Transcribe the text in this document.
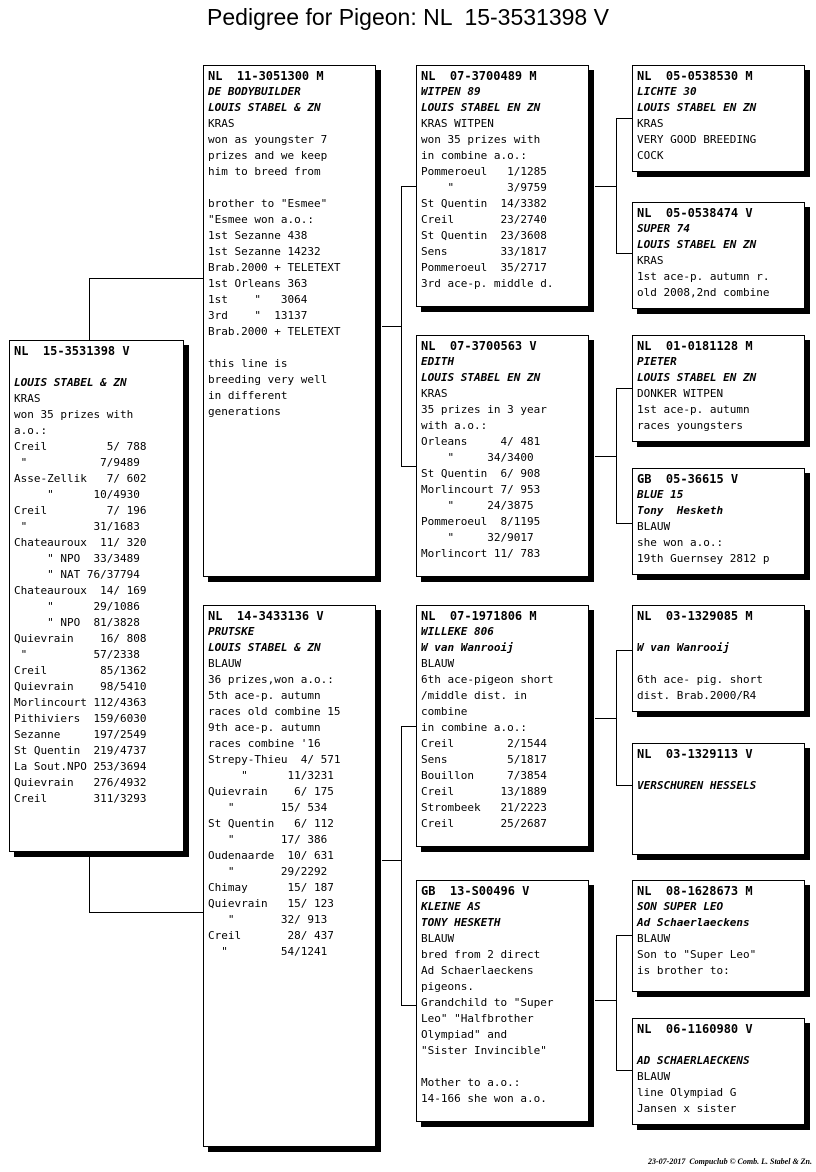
Pedigree for Pigeon: NL  15-3531398 V
NL  15-3531398 V
LOUIS STABEL & ZN
KRAS
won 35 prizes with
a.o.:
Creil         5/ 788
"           7/9489
Asse-Zellik   7/ 602
"      10/4930
Creil         7/ 196
"          31/1683
Chateauroux  11/ 320
" NPO  33/3489
" NAT 76/37794
Chateauroux  14/ 169
"      29/1086
" NPO  81/3828
Quievrain    16/ 808
"          57/2338
Creil        85/1362
Quievrain    98/5410
Morlincourt 112/4363
Pithiviers  159/6030
Sezanne     197/2549
St Quentin  219/4737
La Sout.NPO 253/3694
Quievrain   276/4932
Creil       311/3293
NL  11-3051300 M
DE BODYBUILDER
LOUIS STABEL & ZN
KRAS
won as youngster 7
prizes and we keep
him to breed from
brother to "Esmee"
"Esmee won a.o.:
1st Sezanne 438
1st Sezanne 14232
Brab.2000 + TELETEXT
1st Orleans 363
1st    "   3064
3rd    "  13137
Brab.2000 + TELETEXT
this line is
breeding very well
in different
generations
NL  14-3433136 V
PRUTSKE
LOUIS STABEL & ZN
BLAUW
36 prizes,won a.o.:
5th ace-p. autumn
races old combine 15
9th ace-p. autumn
races combine '16
Strepy-Thieu  4/ 571
"      11/3231
Quievrain    6/ 175
"       15/ 534
St Quentin   6/ 112
"       17/ 386
Oudenaarde  10/ 631
"       29/2292
Chimay      15/ 187
Quievrain   15/ 123
"       32/ 913
Creil       28/ 437
"        54/1241
NL  07-3700489 M
WITPEN 89
LOUIS STABEL EN ZN
KRAS WITPEN
won 35 prizes with
in combine a.o.:
Pommeroeul   1/1285
"        3/9759
St Quentin  14/3382
Creil       23/2740
St Quentin  23/3608
Sens        33/1817
Pommeroeul  35/2717
3rd ace-p. middle d.
NL  07-3700563 V
EDITH
LOUIS STABEL EN ZN
KRAS
35 prizes in 3 year
with a.o.:
Orleans     4/ 481
"     34/3400
St Quentin  6/ 908
Morlincourt 7/ 953
"     24/3875
Pommeroeul  8/1195
"     32/9017
Morlincort 11/ 783
NL  07-1971806 M
WILLEKE 806
W van Wanrooij
BLAUW
6th ace-pigeon short
/middle dist. in
combine
in combine a.o.:
Creil        2/1544
Sens         5/1817
Bouillon     7/3854
Creil       13/1889
Strombeek   21/2223
Creil       25/2687
GB  13-S00496 V
KLEINE AS
TONY HESKETH
BLAUW
bred from 2 direct
Ad Schaerlaeckens
pigeons.
Grandchild to "Super
Leo" "Halfbrother
Olympiad" and
"Sister Invincible"
Mother to a.o.:
14-166 she won a.o.
NL  05-0538530 M
LICHTE 30
LOUIS STABEL EN ZN
KRAS
VERY GOOD BREEDING
COCK
NL  05-0538474 V
SUPER 74
LOUIS STABEL EN ZN
KRAS
1st ace-p. autumn r.
old 2008,2nd combine
NL  01-0181128 M
PIETER
LOUIS STABEL EN ZN
DONKER WITPEN
1st ace-p. autumn
races youngsters
GB  05-36615 V
BLUE 15
Tony  Hesketh
BLAUW
she won a.o.:
19th Guernsey 2812 p
NL  03-1329085 M
W van Wanrooij
6th ace- pig. short
dist. Brab.2000/R4
NL  03-1329113 V
VERSCHUREN HESSELS
NL  08-1628673 M
SON SUPER LEO
Ad Schaerlaeckens
BLAUW
Son to "Super Leo"
is brother to:
NL  06-1160980 V
AD SCHAERLAECKENS
BLAUW
line Olympiad G
Jansen x sister
23-07-2017  Compuclub © Comb. L. Stabel & Zn.
